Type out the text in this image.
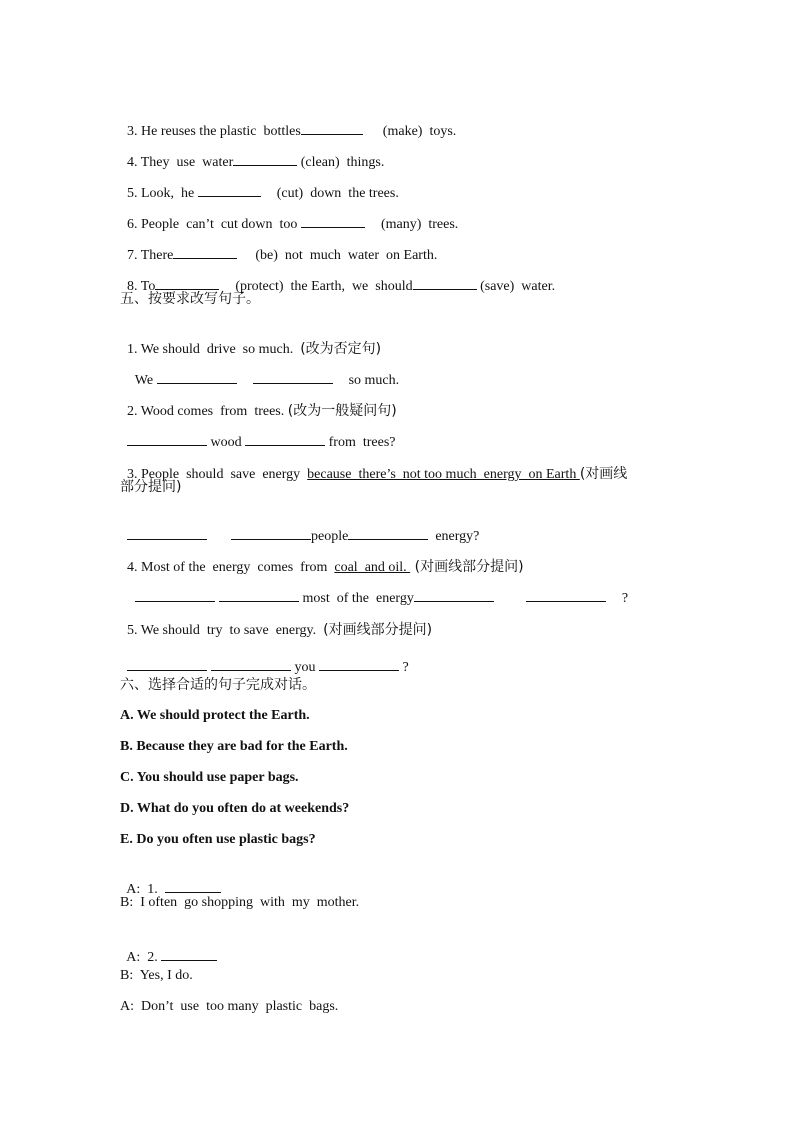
3. He reuses the plastic  bottles	(make)  toys.

4. They  use  water	(clean)  things.

5. Look,  he	(cut)  down  the trees.

6. People  can’t  cut down  too	(many)  trees.

7. There	(be)  not  much  water  on Earth.

8. To	(protect)  the Earth,  we  should	(save)  water.

五、按要求改写句子。

1. We should  drive  so much.  (改为否定句)

We	so much.

2. Wood comes  from  trees. (改为一般疑问句)

wood	from  trees?

3. People  should  save  energy  because  there’s  not too much  energy  on Earth (对画线

部分提问)

people	energy?

4. Most of the  energy  comes  from  coal  and oil.  (对画线部分提问)

most  of the  energy	?

5. We should  try  to save  energy.  (对画线部分提问)

you	?

六、选择合适的句子完成对话。
A. We should protect the Earth.
B. Because they are bad for the Earth.
C. You should use paper bags.
D. What do you often do at weekends?
E. Do you often use plastic bags?

A:  1.

B:  I often  go shopping  with  my  mother.

A:  2.

B:  Yes, I do.
A:  Don’t  use  too many  plastic  bags.
